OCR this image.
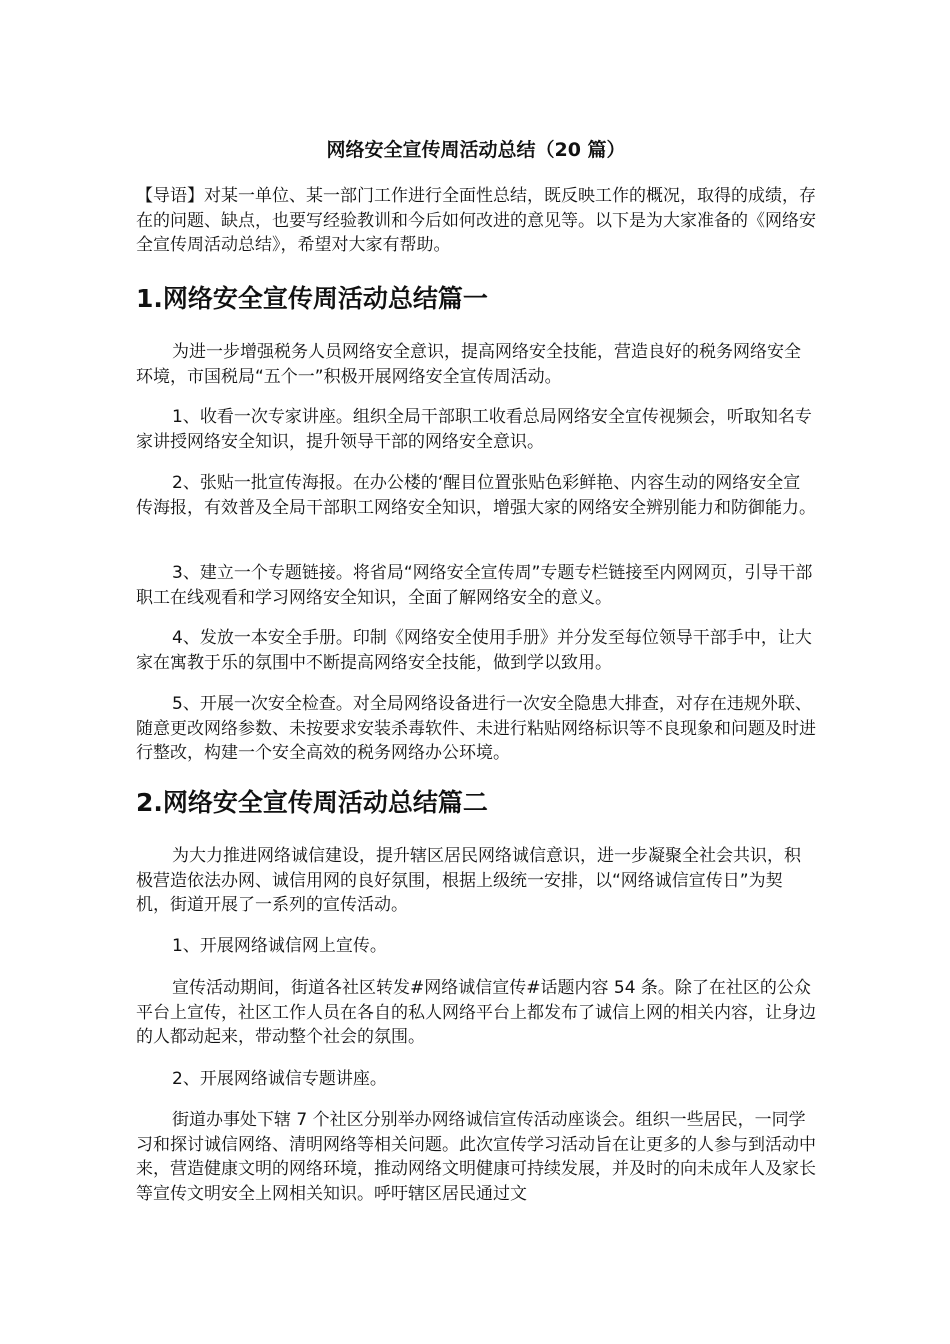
网络安全宣传周活动总结（20 篇）
【导语】对某一单位、某一部门工作进行全面性总结，既反映工作的概况，取得的成绩，存在的问题、缺点，也要写经验教训和今后如何改进的意见等。以下是为大家准备的《网络安全宣传周活动总结》，希望对大家有帮助。
1.网络安全宣传周活动总结篇一
为进一步增强税务人员网络安全意识，提高网络安全技能，营造良好的税务网络安全环境，市国税局“五个一”积极开展网络安全宣传周活动。
1、收看一次专家讲座。组织全局干部职工收看总局网络安全宣传视频会，听取知名专家讲授网络安全知识，提升领导干部的网络安全意识。
2、张贴一批宣传海报。在办公楼的‘醒目位置张贴色彩鲜艳、内容生动的网络安全宣传海报，有效普及全局干部职工网络安全知识，增强大家的网络安全辨别能力和防御能力。
3、建立一个专题链接。将省局“网络安全宣传周”专题专栏链接至内网网页，引导干部职工在线观看和学习网络安全知识，全面了解网络安全的意义。
4、发放一本安全手册。印制《网络安全使用手册》并分发至每位领导干部手中，让大家在寓教于乐的氛围中不断提高网络安全技能，做到学以致用。
5、开展一次安全检查。对全局网络设备进行一次安全隐患大排查，对存在违规外联、随意更改网络参数、未按要求安装杀毒软件、未进行粘贴网络标识等不良现象和问题及时进行整改，构建一个安全高效的税务网络办公环境。
2.网络安全宣传周活动总结篇二
为大力推进网络诚信建设，提升辖区居民网络诚信意识，进一步凝聚全社会共识，积极营造依法办网、诚信用网的良好氛围，根据上级统一安排，以“网络诚信宣传日”为契机，街道开展了一系列的宣传活动。
1、开展网络诚信网上宣传。
宣传活动期间，街道各社区转发#网络诚信宣传#话题内容 54 条。除了在社区的公众平台上宣传，社区工作人员在各自的私人网络平台上都发布了诚信上网的相关内容，让身边的人都动起来，带动整个社会的氛围。
2、开展网络诚信专题讲座。
街道办事处下辖 7 个社区分别举办网络诚信宣传活动座谈会。组织一些居民，一同学习和探讨诚信网络、清明网络等相关问题。此次宣传学习活动旨在让更多的人参与到活动中来，营造健康文明的网络环境，推动网络文明健康可持续发展，并及时的向未成年人及家长等宣传文明安全上网相关知识。呼吁辖区居民通过文
